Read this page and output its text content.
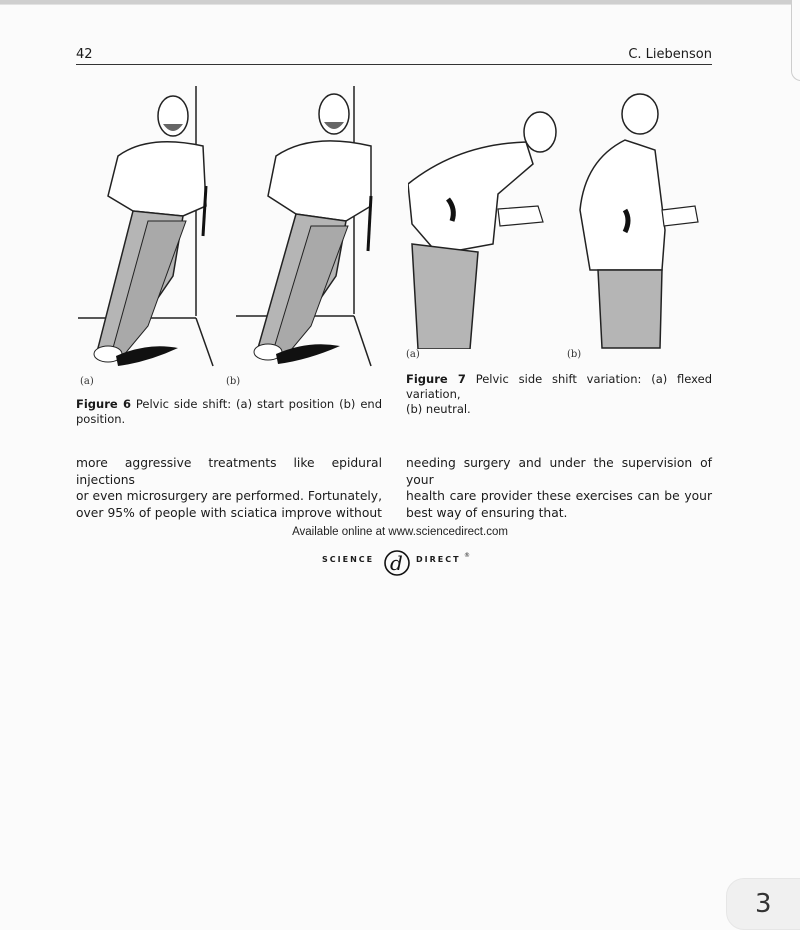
42	C. Liebenson
(a)	(b)
Figure 6 Pelvic side shift: (a) start position (b) end
position.
(a)	(b)
Figure 7 Pelvic side shift variation: (a) flexed variation,
(b) neutral.
more aggressive treatments like epidural injections
or even microsurgery are performed. Fortunately,
over 95% of people with sciatica improve without
needing surgery and under the supervision of your
health care provider these exercises can be your
best way of ensuring that.
Available online at www.sciencedirect.com
SCIENCE d DIRECT ®
3
